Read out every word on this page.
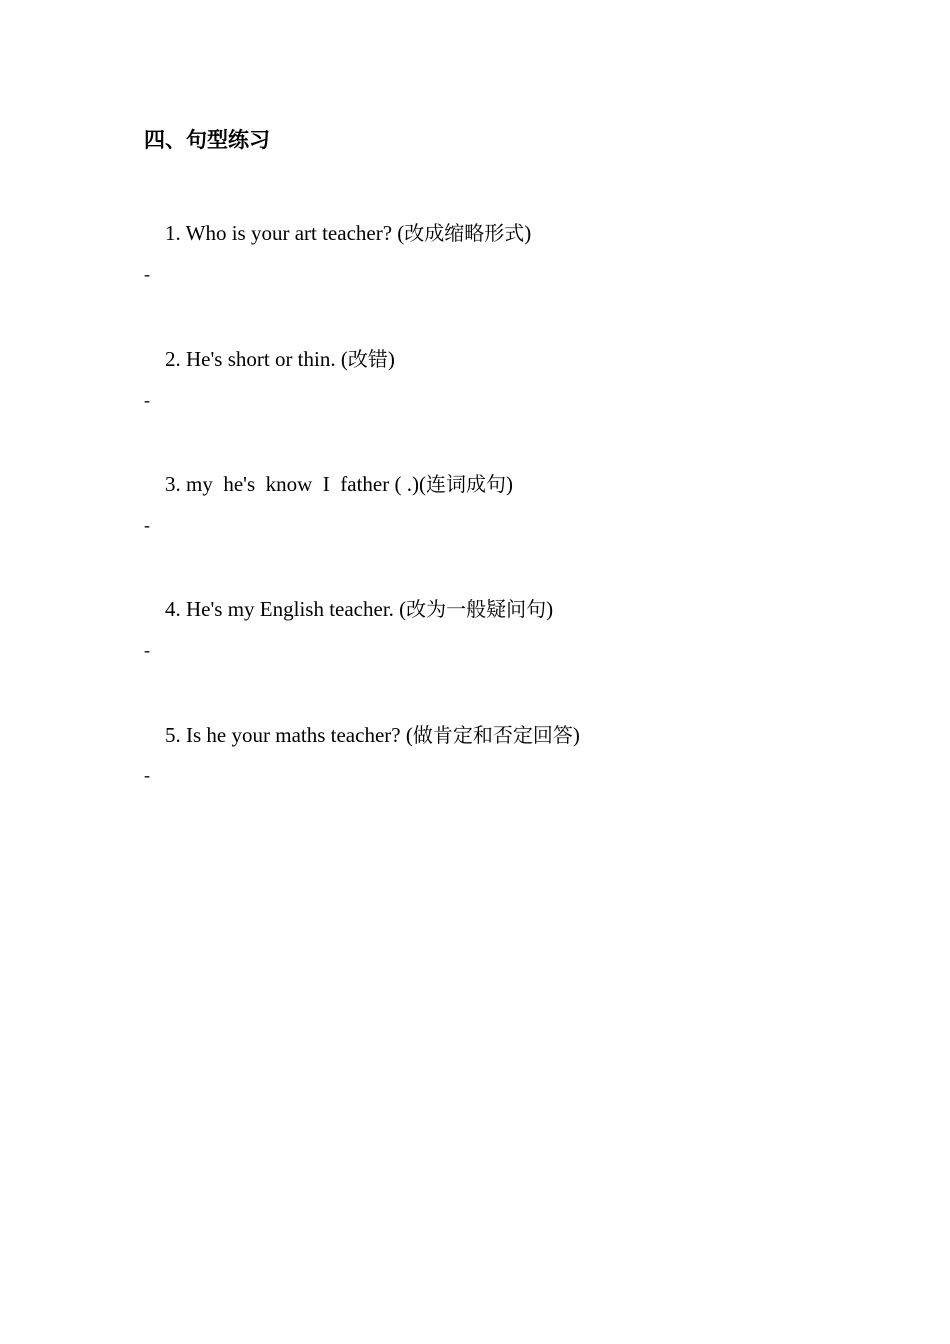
四、句型练习

1. Who is your art teacher? (改成缩略形式)

-

2. He's short or thin. (改错)

-

3. my  he's  know  I  father ( .)(连词成句)

-

4. He's my English teacher. (改为一般疑问句)

-

5. Is he your maths teacher? (做肯定和否定回答)

-
